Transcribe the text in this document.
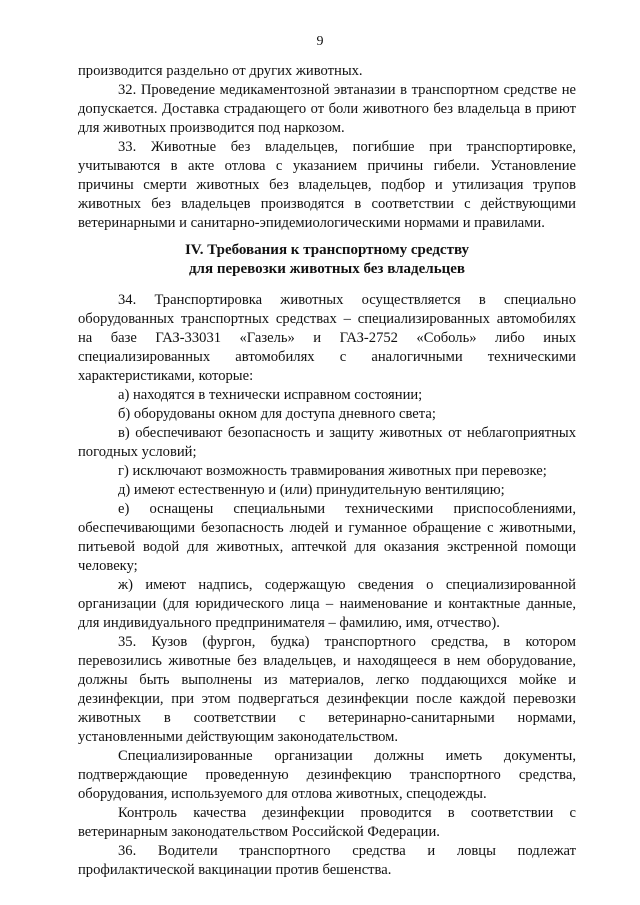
9

производится раздельно от других животных.

32. Проведение медикаментозной эвтаназии в транспортном средстве не допускается. Доставка страдающего от боли животного без владельца в приют для животных производится под наркозом.

33. Животные без владельцев, погибшие при транспортировке, учитываются в акте отлова с указанием причины гибели. Установление причины смерти животных без владельцев, подбор и утилизация трупов животных без владельцев производятся в соответствии с действующими ветеринарными и санитарно-эпидемиологическими нормами и правилами.

IV. Требования к транспортному средству
для перевозки животных без владельцев

34. Транспортировка животных осуществляется в специально оборудованных транспортных средствах – специализированных автомобилях на базе ГАЗ-33031 «Газель» и ГАЗ-2752 «Соболь» либо иных специализированных автомобилях с аналогичными техническими характеристиками, которые:

а) находятся в технически исправном состоянии;

б) оборудованы окном для доступа дневного света;

в) обеспечивают безопасность и защиту животных от неблагоприятных погодных условий;

г) исключают возможность травмирования животных при перевозке;

д) имеют естественную и (или) принудительную вентиляцию;

е) оснащены специальными техническими приспособлениями, обеспечивающими безопасность людей и гуманное обращение с животными, питьевой водой для животных, аптечкой для оказания экстренной помощи человеку;

ж) имеют надпись, содержащую сведения о специализированной организации (для юридического лица – наименование и контактные данные, для индивидуального предпринимателя – фамилию, имя, отчество).

35. Кузов (фургон, будка) транспортного средства, в котором перевозились животные без владельцев, и находящееся в нем оборудование, должны быть выполнены из материалов, легко поддающихся мойке и дезинфекции, при этом подвергаться дезинфекции после каждой перевозки животных в соответствии с ветеринарно-санитарными нормами, установленными действующим законодательством.

Специализированные организации должны иметь документы, подтверждающие проведенную дезинфекцию транспортного средства, оборудования, используемого для отлова животных, спецодежды.

Контроль качества дезинфекции проводится в соответствии с ветеринарным законодательством Российской Федерации.

36. Водители транспортного средства и ловцы подлежат профилактической вакцинации против бешенства.
